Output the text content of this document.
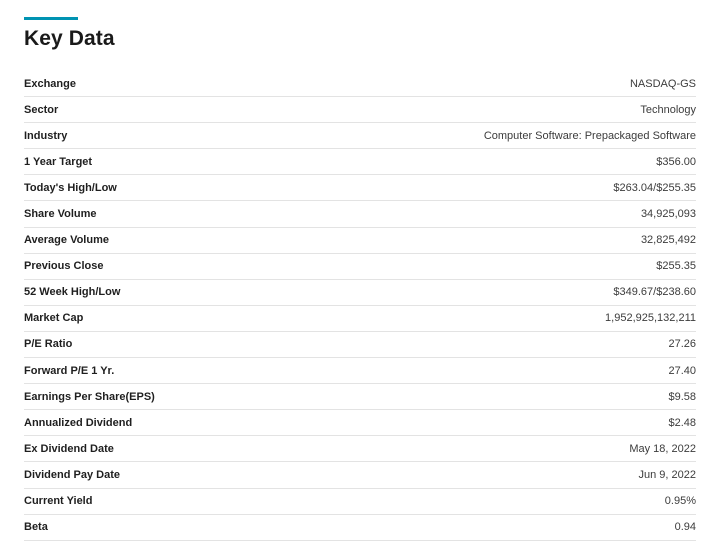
Key Data
Exchange	NASDAQ-GS
Sector	Technology
Industry	Computer Software: Prepackaged Software
1 Year Target	$356.00
Today's High/Low	$263.04/$255.35
Share Volume	34,925,093
Average Volume	32,825,492
Previous Close	$255.35
52 Week High/Low	$349.67/$238.60
Market Cap	1,952,925,132,211
P/E Ratio	27.26
Forward P/E 1 Yr.	27.40
Earnings Per Share(EPS)	$9.58
Annualized Dividend	$2.48
Ex Dividend Date	May 18, 2022
Dividend Pay Date	Jun 9, 2022
Current Yield	0.95%
Beta	0.94
